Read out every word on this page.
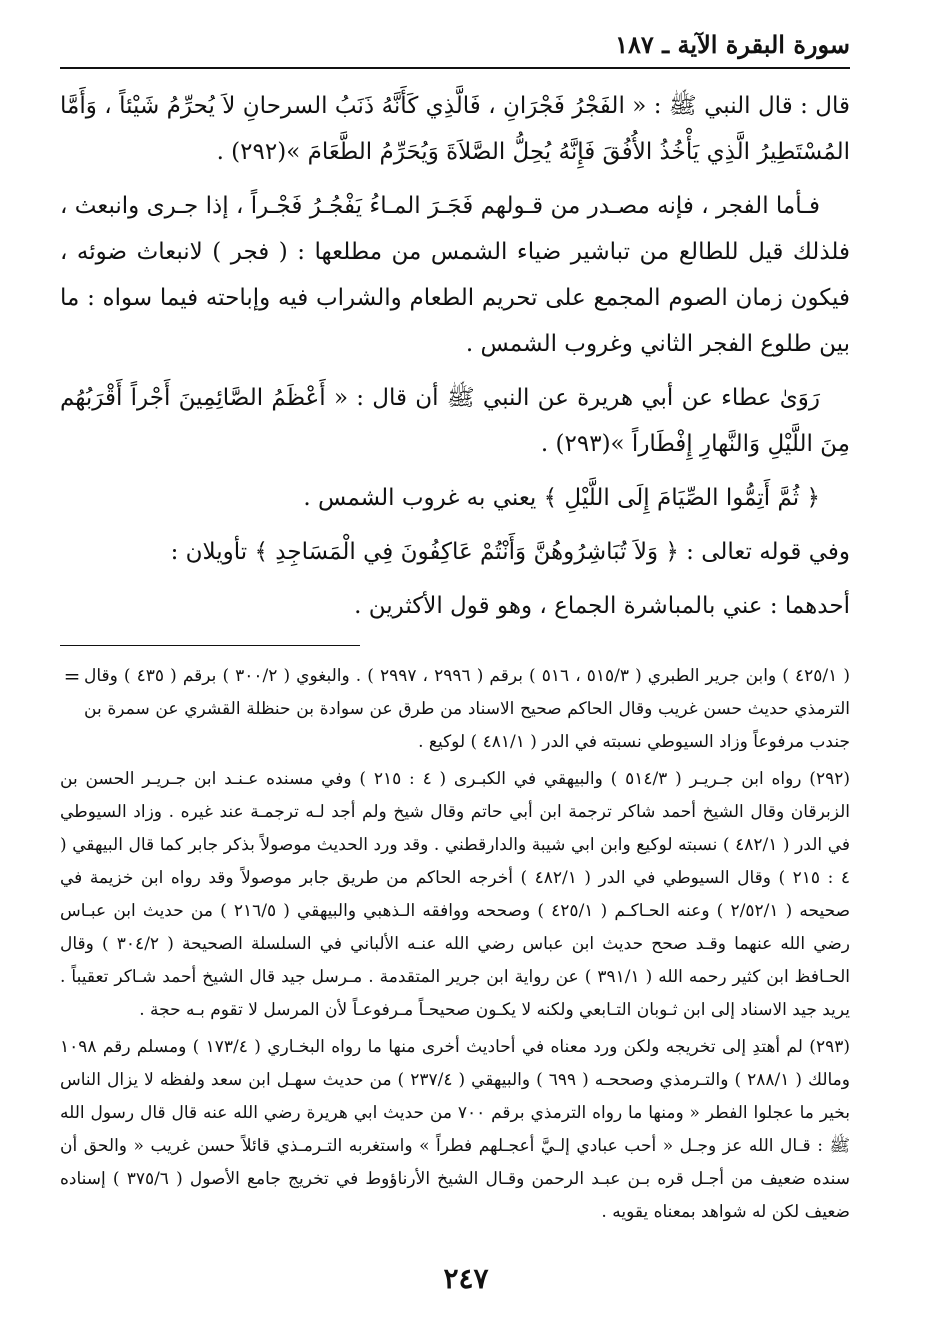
سورة البقرة الآية ـ ١٨٧

قال : قال النبي ﷺ : « الفَجْرُ فَجْرَانِ ، فَالَّذِي كَأَنَّهُ ذَنَبُ السرحانِ لاَ يُحرِّمُ شَيْئاً ، وَأَمَّا المُسْتَطِيرُ الَّذِي يَأْخُذُ الأُفُقَ فَإِنَّهُ يُحِلُّ الصَّلاَةَ وَيُحَرِّمُ الطَّعَامَ »(٢٩٢) .

فـأما الفجر ، فإنه مصـدر من قـولهم فَجَـرَ المـاءُ يَفْجُـرُ فَجْـراً ، إذا جـرى وانبعث ، فلذلك قيل للطالع من تباشير ضياء الشمس من مطلعها : ( فجر ) لانبعاث ضوئه ، فيكون زمان الصوم المجمع على تحريم الطعام والشراب فيه وإباحته فيما سواه : ما بين طلوع الفجر الثاني وغروب الشمس .

رَوَىٰ عطاء عن أبي هريرة عن النبي ﷺ أن قال : « أَعْظَمُ الصَّائِمِينَ أَجْراً أَقْرَبُهُم مِنَ اللَّيْلِ وَالنَّهارِ إِفْطَاراً »(٢٩٣) .

﴿ ثُمَّ أَتِمُّوا الصِّيَامَ إِلَى اللَّيْلِ ﴾ يعني به غروب الشمس .

وفي قوله تعالى : ﴿ وَلاَ تُبَاشِرُوهُنَّ وَأَنْتُمْ عَاكِفُونَ فِي الْمَسَاجِدِ ﴾ تأويلان :

أحدهما : عني بالمباشرة الجماع ، وهو قول الأكثرين .

( ٤٢٥/١ ) وابن جرير الطبري ( ٥١٥/٣ ، ٥١٦ ) برقم ( ٢٩٩٦ ، ٢٩٩٧ ) . والبغوي ( ٣٠٠/٢ ) برقم ( ٤٣٥ ) وقال الترمذي حديث حسن غريب وقال الحاكم صحيح الاسناد من طرق عن سوادة بن حنظلة القشري عن سمرة بن جندب مرفوعاً وزاد السيوطي نسبته في الدر ( ٤٨١/١ ) لوكيع .

=

(٢٩٢) رواه ابن جـريـر ( ٥١٤/٣ ) والبيهقي في الكبـرى ( ٤ : ٢١٥ ) وفي مسنده عـنـد ابن جـريـر الحسن بن الزبرقان وقال الشيخ أحمد شاكر ترجمة ابن أبي حاتم وقال شيخ ولم أجد لـه ترجمـة عند غيره . وزاد السيوطي في الدر ( ٤٨٢/١ ) نسبته لوكيع وابن ابي شيبة والدارقطني . وقد ورد الحديث موصولاً بذكر جابر كما قال البيهقي ( ٤ : ٢١٥ ) وقال السيوطي في الدر ( ٤٨٢/١ ) أخرجه الحاكم من طريق جابر موصولاً وقد رواه ابن خزيمة في صحيحه ( ٢/٥٢/١ ) وعنه الحـاكـم ( ٤٢٥/١ ) وصححه ووافقه الـذهبي والبيهقي ( ٢١٦/٥ ) من حديث ابن عبـاس رضي الله عنهما وقـد صحح حديث ابن عباس رضي الله عنـه الألباني في السلسلة الصحيحة ( ٣٠٤/٢ ) وقال الحـافظ ابن كثير رحمه الله ( ٣٩١/١ ) عن رواية ابن جرير المتقدمة . مـرسل جيد قال الشيخ أحمد شـاكر تعقيباً . يريد جيد الاسناد إلى ابن ثـوبان التـابعي ولكنه لا يكـون صحيحـاً مـرفوعـاً لأن المرسل لا تقوم بـه حجة .

(٢٩٣) لم أهتدِ إلى تخريجه ولكن ورد معناه في أحاديث أخرى منها ما رواه البخـاري ( ١٧٣/٤ ) ومسلم رقم ١٠٩٨ ومالك ( ٢٨٨/١ ) والتـرمذي وصححـه ( ٦٩٩ ) والبيهقي ( ٢٣٧/٤ ) من حديث سهـل ابن سعد ولفظه لا يزال الناس بخير ما عجلوا الفطر « ومنها ما رواه الترمذي برقم ٧٠٠ من حديث ابي هريرة رضي الله عنه قال قال رسول الله ﷺ : قـال الله عز وجـل « أحب عبادي إلـيَّ أعجـلهم فطراً » واستغربه التـرمـذي قائلاً حسن غريب « والحق أن سنده ضعيف من أجـل قره بـن عبـد الرحمن وقـال الشيخ الأرناؤوط في تخريج جامع الأصول ( ٣٧٥/٦ ) إسناده ضعيف لكن له شواهد بمعناه يقويه .

٢٤٧
